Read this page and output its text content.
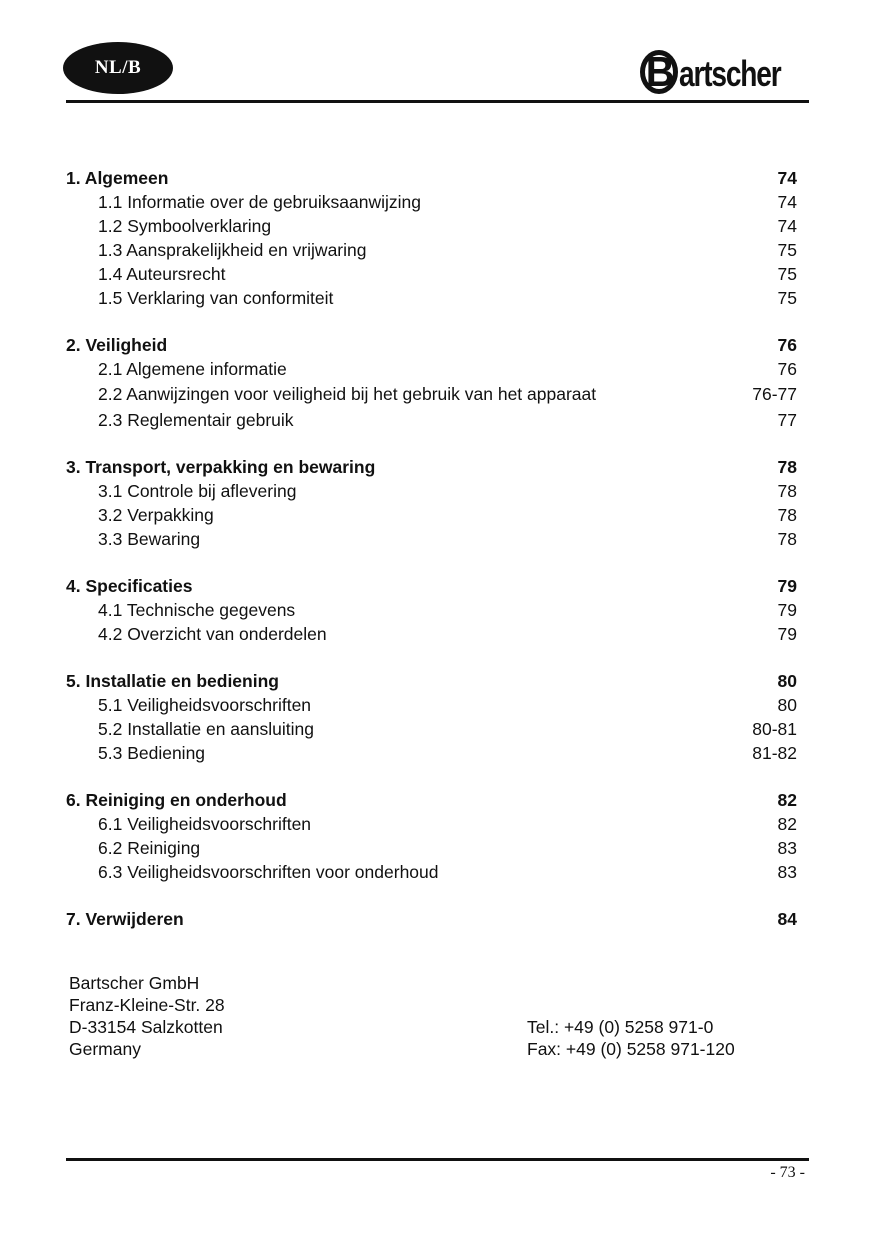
NL/B	B artscher
1. Algemeen	74
1.1 Informatie over de gebruiksaanwijzing	74
1.2 Symboolverklaring	74
1.3 Aansprakelijkheid en vrijwaring	75
1.4 Auteursrecht	75
1.5 Verklaring van conformiteit	75
2. Veiligheid	76
2.1 Algemene informatie	76
2.2 Aanwijzingen voor veiligheid bij het gebruik van het apparaat	76-77
2.3 Reglementair gebruik	77
3. Transport, verpakking en bewaring	78
3.1 Controle bij aflevering	78
3.2 Verpakking	78
3.3 Bewaring	78
4. Specificaties	79
4.1 Technische gegevens	79
4.2 Overzicht van onderdelen	79
5. Installatie en bediening	80
5.1 Veiligheidsvoorschriften	80
5.2 Installatie en aansluiting	80-81
5.3 Bediening	81-82
6. Reiniging en onderhoud	82
6.1 Veiligheidsvoorschriften	82
6.2 Reiniging	83
6.3 Veiligheidsvoorschriften voor onderhoud	83
7. Verwijderen	84
Bartscher GmbH
Franz-Kleine-Str. 28
D-33154 Salzkotten
Germany
Tel.: +49 (0) 5258 971-0
Fax: +49 (0) 5258 971-120
- 73 -
